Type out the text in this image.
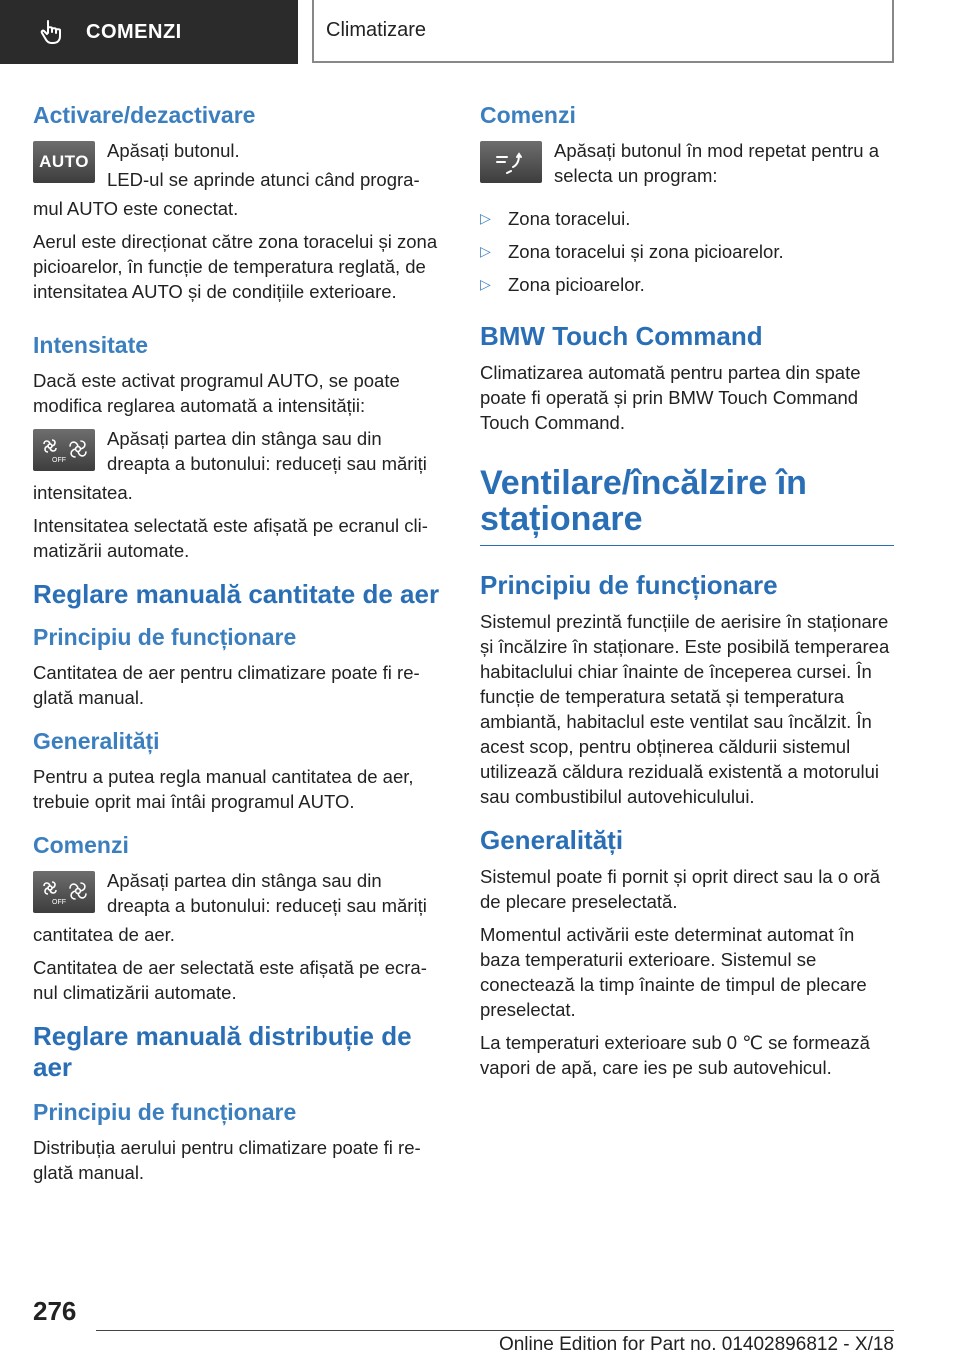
COMENZI	Climatizare
Activare/dezactivare
AUTO

Apăsați butonul.

LED-ul se aprinde atunci când progra-

mul AUTO este conectat.

Aerul este direcționat către zona toracelui și zona picioarelor, în funcție de temperatura reglată, de intensitatea AUTO și de condițiile exterioare.

Intensitate

Dacă este activat programul AUTO, se poate modifica reglarea automată a intensității:

OFF

Apăsați partea din stânga sau din dreapta a butonului: reduceți sau măriți

intensitatea.

Intensitatea selectată este afișată pe ecranul cli-matizării automate.

Reglare manuală cantitate de aer
Principiu de funcționare

Cantitatea de aer pentru climatizare poate fi re-glată manual.

Generalități

Pentru a putea regla manual cantitatea de aer, trebuie oprit mai întâi programul AUTO.

Comenzi
OFF

Apăsați partea din stânga sau din dreapta a butonului: reduceți sau măriți

cantitatea de aer.

Cantitatea de aer selectată este afișată pe ecra-nul climatizării automate.

Reglare manuală distribuție de aer
Principiu de funcționare

Distribuția aerului pentru climatizare poate fi re-glată manual.

Comenzi

Apăsați butonul în mod repetat pentru a selecta un program:

▷ Zona toracelui.

▷ Zona toracelui și zona picioarelor.

▷ Zona picioarelor.

BMW Touch Command

Climatizarea automată pentru partea din spate poate fi operată și prin BMW Touch Command Touch Command.

Ventilare/încălzire în staționare
Principiu de funcționare

Sistemul prezintă funcțiile de aerisire în staționare și încălzire în staționare. Este posibilă temperarea habitaclului chiar înainte de începerea cursei. În funcție de temperatura setată și temperatura ambiantă, habitaclul este ventilat sau încălzit. În acest scop, pentru obținerea căldurii sistemul utilizează căldura reziduală existentă a motorului sau combustibilul autovehiculului.

Generalități

Sistemul poate fi pornit și oprit direct sau la o oră de plecare preselectată.

Momentul activării este determinat automat în baza temperaturii exterioare. Sistemul se conectează la timp înainte de timpul de plecare preselectat.

La temperaturi exterioare sub 0 ℃ se formează vapori de apă, care ies pe sub autovehicul.

276
Online Edition for Part no. 01402896812 - X/18
